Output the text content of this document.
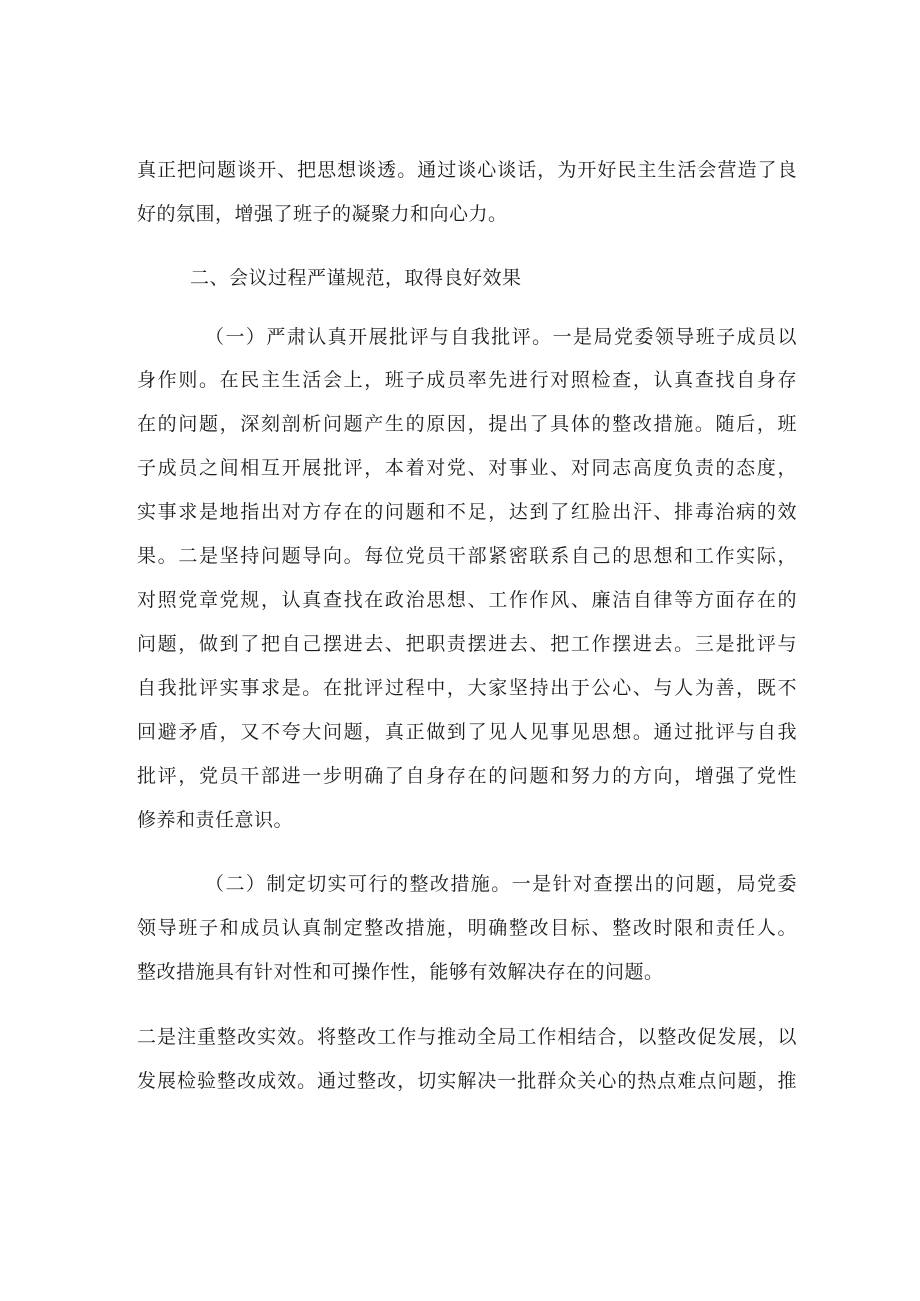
真正把问题谈开、把思想谈透。通过谈心谈话，为开好民主生活会营造了良
好的氛围，增强了班子的凝聚力和向心力。
二、会议过程严谨规范，取得良好效果
（一）严肃认真开展批评与自我批评。一是局党委领导班子成员以
身作则。在民主生活会上，班子成员率先进行对照检查，认真查找自身存
在的问题，深刻剖析问题产生的原因，提出了具体的整改措施。随后，班
子成员之间相互开展批评，本着对党、对事业、对同志高度负责的态度，
实事求是地指出对方存在的问题和不足，达到了红脸出汗、排毒治病的效
果。二是坚持问题导向。每位党员干部紧密联系自己的思想和工作实际，
对照党章党规，认真查找在政治思想、工作作风、廉洁自律等方面存在的
问题，做到了把自己摆进去、把职责摆进去、把工作摆进去。三是批评与
自我批评实事求是。在批评过程中，大家坚持出于公心、与人为善，既不
回避矛盾，又不夸大问题，真正做到了见人见事见思想。通过批评与自我
批评，党员干部进一步明确了自身存在的问题和努力的方向，增强了党性
修养和责任意识。
（二）制定切实可行的整改措施。一是针对查摆出的问题，局党委
领导班子和成员认真制定整改措施，明确整改目标、整改时限和责任人。
整改措施具有针对性和可操作性，能够有效解决存在的问题。
二是注重整改实效。将整改工作与推动全局工作相结合，以整改促发展，以
发展检验整改成效。通过整改，切实解决一批群众关心的热点难点问题，推
